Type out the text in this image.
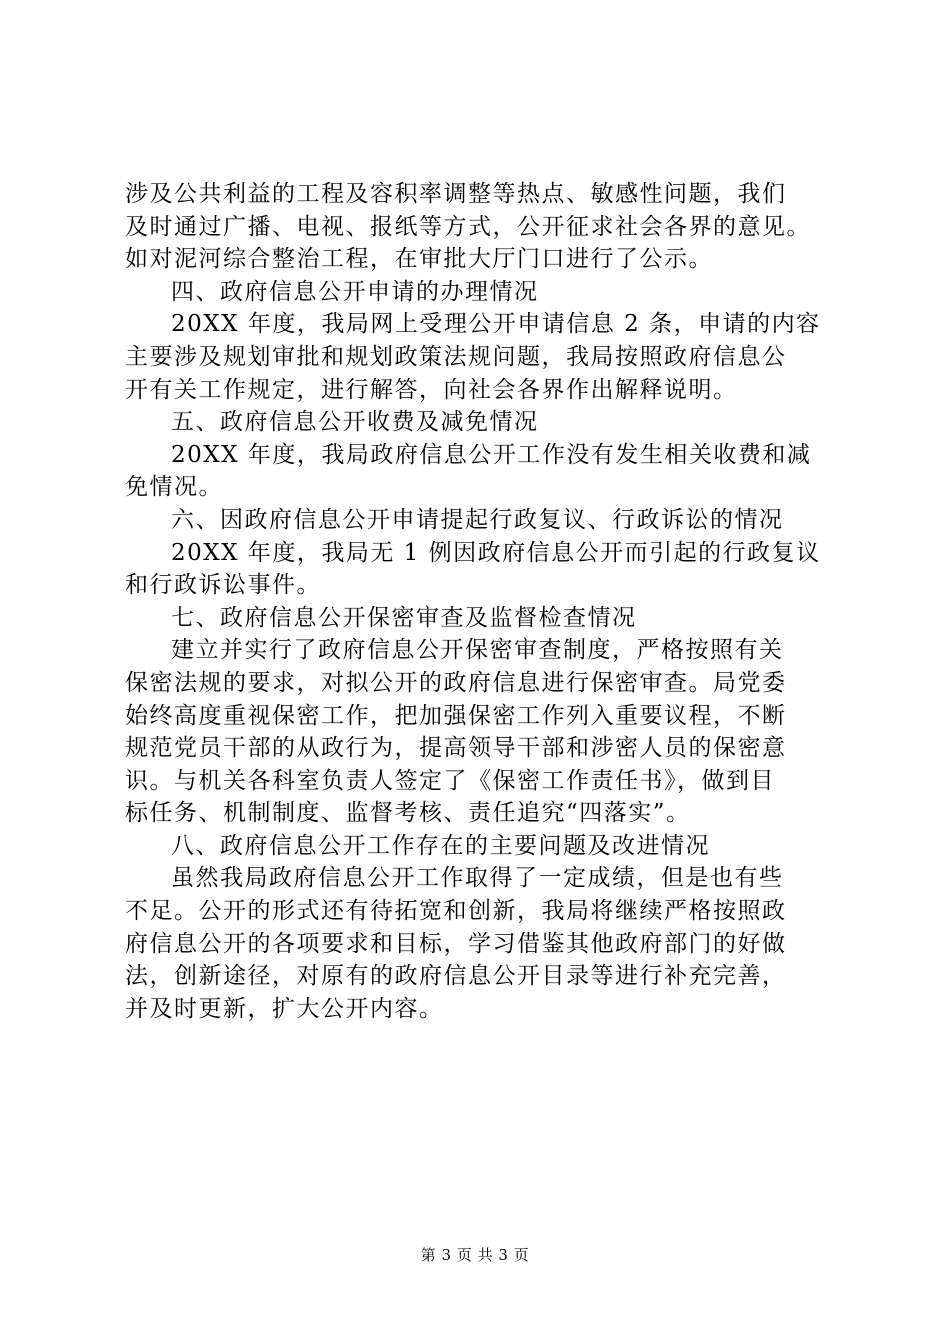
涉及公共利益的工程及容积率调整等热点、敏感性问题，我们
及时通过广播、电视、报纸等方式，公开征求社会各界的意见。
如对泥河综合整治工程，在审批大厅门口进行了公示。
四、政府信息公开申请的办理情况
20XX 年度，我局网上受理公开申请信息 2 条，申请的内容
主要涉及规划审批和规划政策法规问题，我局按照政府信息公
开有关工作规定，进行解答，向社会各界作出解释说明。
五、政府信息公开收费及减免情况
20XX 年度，我局政府信息公开工作没有发生相关收费和减
免情况。
六、因政府信息公开申请提起行政复议、行政诉讼的情况
20XX 年度，我局无 1 例因政府信息公开而引起的行政复议
和行政诉讼事件。
七、政府信息公开保密审查及监督检查情况
建立并实行了政府信息公开保密审查制度，严格按照有关
保密法规的要求，对拟公开的政府信息进行保密审查。局党委
始终高度重视保密工作，把加强保密工作列入重要议程，不断
规范党员干部的从政行为，提高领导干部和涉密人员的保密意
识。与机关各科室负责人签定了《保密工作责任书》，做到目
标任务、机制制度、监督考核、责任追究“四落实”。
八、政府信息公开工作存在的主要问题及改进情况
虽然我局政府信息公开工作取得了一定成绩，但是也有些
不足。公开的形式还有待拓宽和创新，我局将继续严格按照政
府信息公开的各项要求和目标，学习借鉴其他政府部门的好做
法，创新途径，对原有的政府信息公开目录等进行补充完善，
并及时更新，扩大公开内容。
第 3 页 共 3 页
